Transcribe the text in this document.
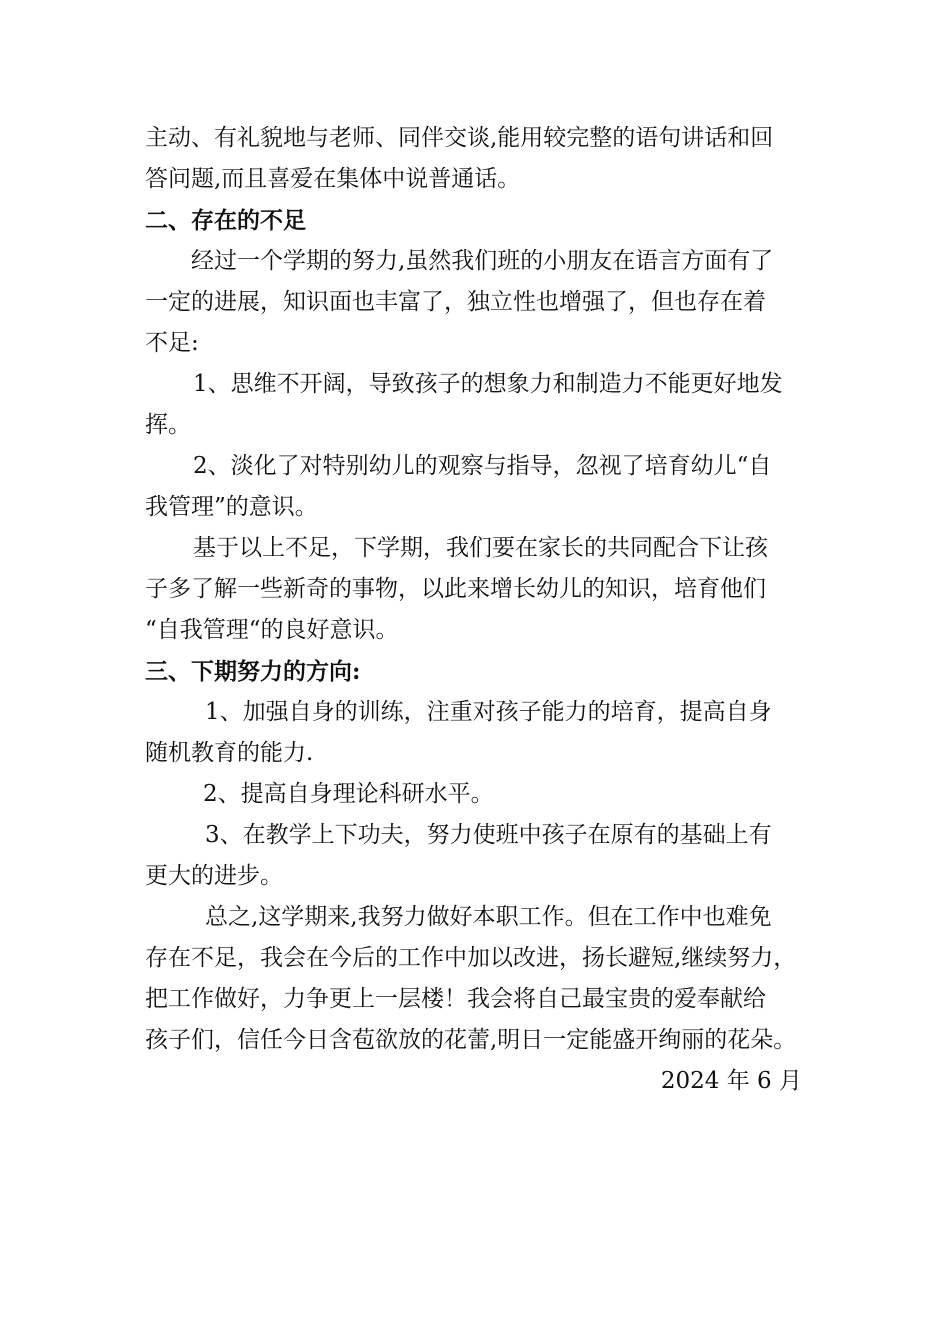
主动、有礼貌地与老师、同伴交谈,能用较完整的语句讲话和回
答问题,而且喜爱在集体中说普通话。
二、存在的不足
经过一个学期的努力,虽然我们班的小朋友在语言方面有了
一定的进展，知识面也丰富了，独立性也增强了，但也存在着
不足:
1、思维不开阔，导致孩子的想象力和制造力不能更好地发
挥。
2、淡化了对特别幼儿的观察与指导，忽视了培育幼儿“自
我管理”的意识。
基于以上不足，下学期，我们要在家长的共同配合下让孩
子多了解一些新奇的事物，以此来增长幼儿的知识，培育他们
“自我管理“的良好意识。
三、下期努力的方向:
1、加强自身的训练，注重对孩子能力的培育，提高自身
随机教育的能力.
2、提高自身理论科研水平。
3、在教学上下功夫，努力使班中孩子在原有的基础上有
更大的进步。
总之,这学期来,我努力做好本职工作。但在工作中也难免
存在不足，我会在今后的工作中加以改进，扬长避短,继续努力，
把工作做好，力争更上一层楼！我会将自己最宝贵的爱奉献给
孩子们，信任今日含苞欲放的花蕾,明日一定能盛开绚丽的花朵。
2024 年 6 月
